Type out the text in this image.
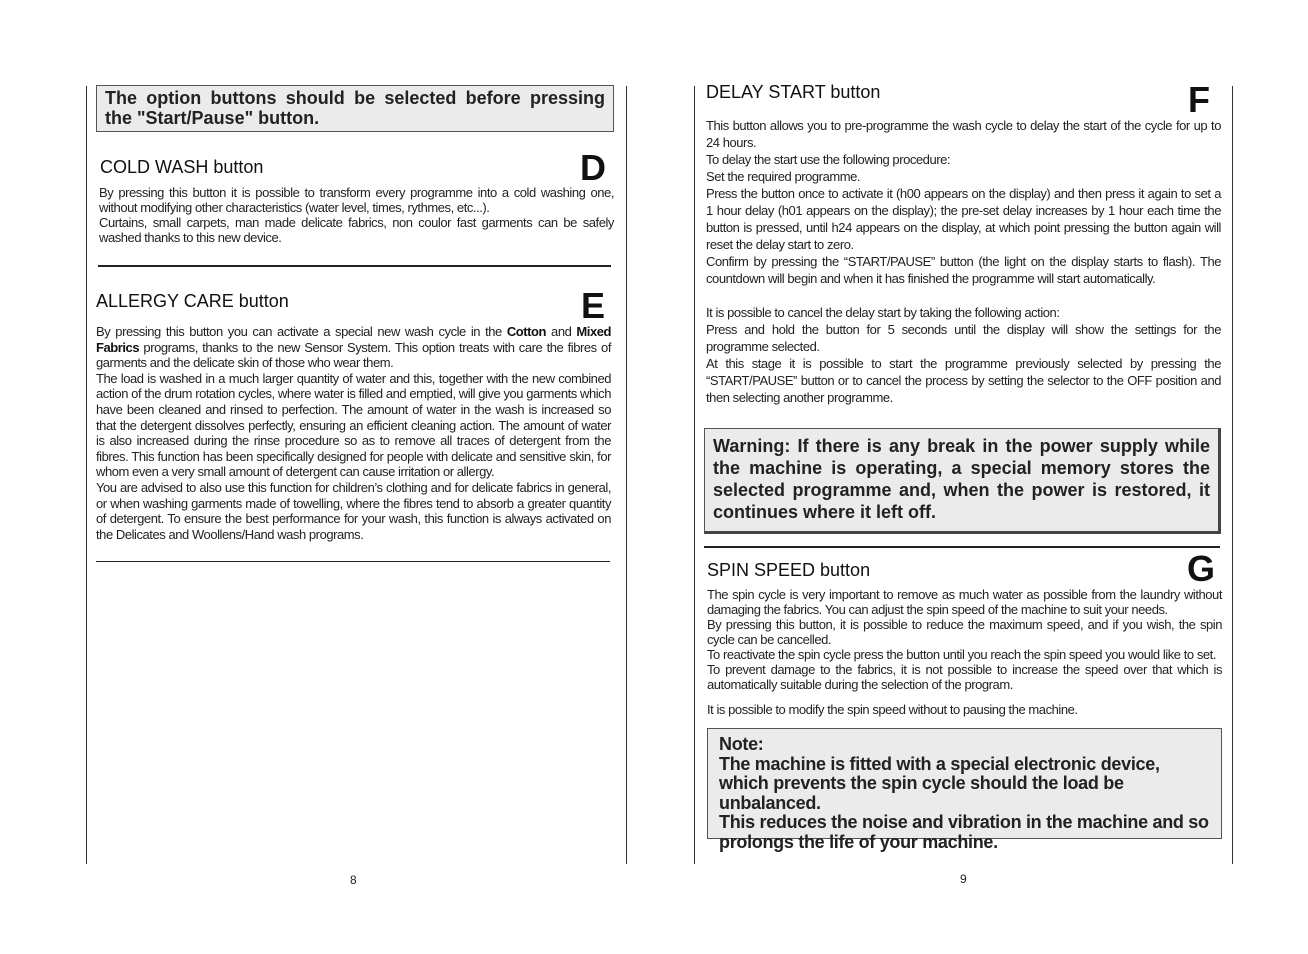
The option buttons should be selected before pressing the "Start/Pause" button.
COLD WASH button	D

By pressing this button it is possible to transform every programme into a cold washing one, without modifying other characteristics (water level, times, rythmes, etc...).

Curtains, small carpets, man made delicate fabrics, non coulor fast garments can be safely washed thanks to this new device.

ALLERGY CARE button	E

By pressing this button you can activate a special new wash cycle in the Cotton and Mixed Fabrics programs, thanks to the new Sensor System. This option treats with care the fibres of garments and the delicate skin of those who wear them.

The load is washed in a much larger quantity of water and this, together with the new combined action of the drum rotation cycles, where water is filled and emptied, will give you garments which have been cleaned and rinsed to perfection. The amount of water in the wash is increased so that the detergent dissolves perfectly, ensuring an efficient cleaning action. The amount of water is also increased during the rinse procedure so as to remove all traces of detergent from the fibres. This function has been specifically designed for people with delicate and sensitive skin, for whom even a very small amount of detergent can cause irritation or allergy.

You are advised to also use this function for children’s clothing and for delicate fabrics in general, or when washing garments made of towelling, where the fibres tend to absorb a greater quantity of detergent. To ensure the best performance for your wash, this function is always activated on the Delicates and Woollens/Hand wash programs.

8
DELAY START button	F

This button allows you to pre-programme the wash cycle to delay the start of the cycle for up to 24 hours.

To delay the start use the following procedure:

Set the required programme.

Press the button once to activate it (h00 appears on the display) and then press it again to set a 1 hour delay (h01 appears on the display); the pre-set delay increases by 1 hour each time the button is pressed, until h24 appears on the display, at which point pressing the button again will reset the delay start to zero.

Confirm by pressing the “START/PAUSE” button (the light on the display starts to flash). The countdown will begin and when it has finished the programme will start automatically.

It is possible to cancel the delay start by taking the following action:

Press and hold the button for 5 seconds until the display will show the settings for the programme selected.

At this stage it is possible to start the programme previously selected by pressing the “START/PAUSE” button or to cancel the process by setting the selector to the OFF position and then selecting another programme.

Warning: If there is any break in the power supply while the machine is operating, a special memory stores the selected programme and, when the power is restored, it continues where it left off.
SPIN SPEED button	G

The spin cycle is very important to remove as much water as possible from the laundry without damaging the fabrics. You can adjust the spin speed of the machine to suit your needs.

By pressing this button, it is possible to reduce the maximum speed, and if you wish, the spin cycle can be cancelled.

To reactivate the spin cycle press the button until you reach the spin speed you would like to set.

To prevent damage to the fabrics, it is not possible to increase the speed over that which is automatically suitable during the selection of the program.

It is possible to modify the spin speed without to pausing the machine.

Note:
The machine is fitted with a special electronic device, which prevents the spin cycle should the load be unbalanced.
This reduces the noise and vibration in the machine and so prolongs the life of your machine.
9
